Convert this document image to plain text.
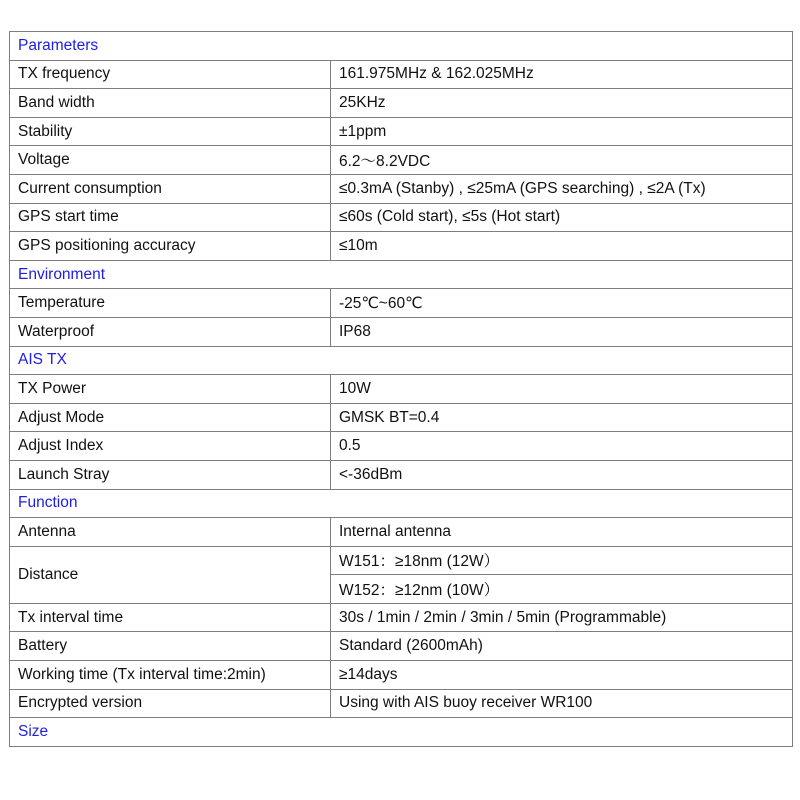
Parameters	
TX frequency	161.975MHz & 162.025MHz
Band width	25KHz
Stability	±1ppm
Voltage	6.2～8.2VDC
Current consumption	≤0.3mA (Stanby) , ≤25mA (GPS searching) , ≤2A (Tx)
GPS start time	≤60s (Cold start), ≤5s (Hot start)
GPS positioning accuracy	≤10m
Environment	
Temperature	-25℃~60℃
Waterproof	IP68
AIS TX	
TX Power	10W
Adjust Mode	GMSK BT=0.4
Adjust Index	0.5
Launch Stray	<-36dBm
Function	
Antenna	Internal antenna
Distance	W151：≥18nm (12W）
	W152：≥12nm (10W）
Tx interval time	30s / 1min / 2min / 3min / 5min (Programmable)
Battery	Standard (2600mAh)
Working time (Tx interval time:2min)	≥14days
Encrypted version	Using with AIS buoy receiver WR100
Size	
